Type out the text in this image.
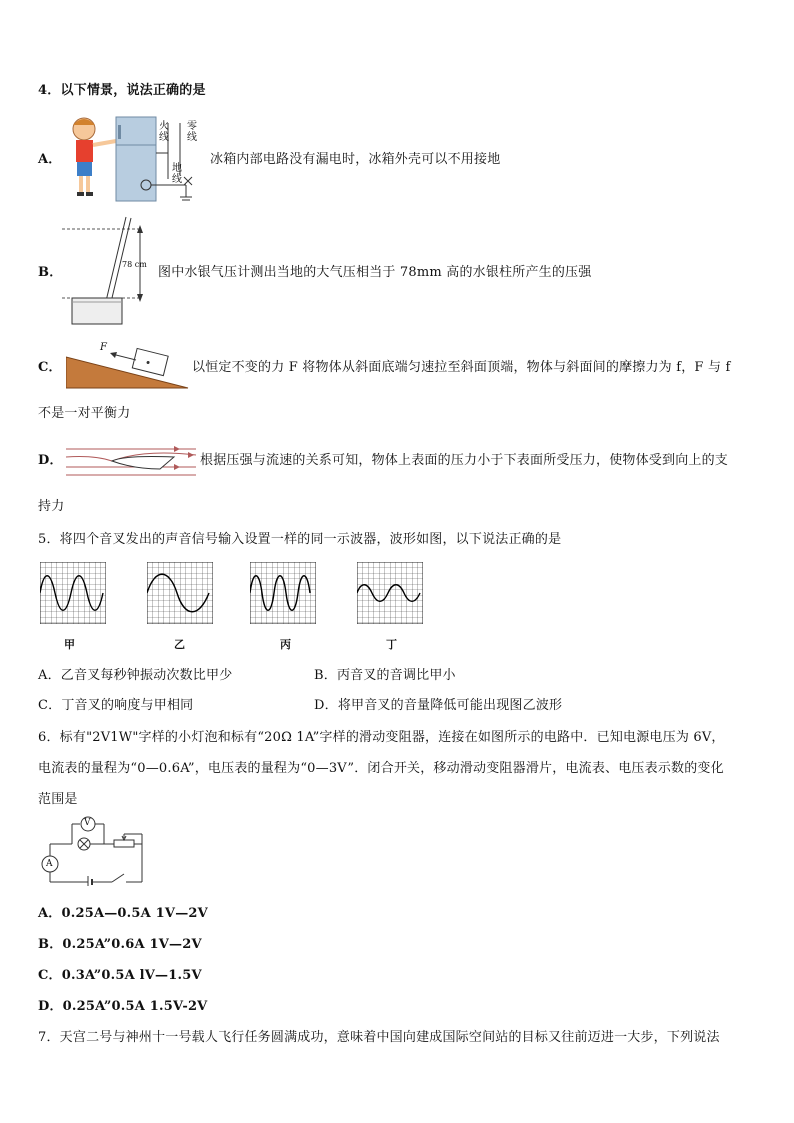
4．以下情景，说法正确的是
A．
火线
零线
地线
冰箱内部电路没有漏电时，冰箱外壳可以不用接地
B．
78 cm
图中水银气压计测出当地的大气压相当于 78mm 高的水银柱所产生的压强
C．
F
以恒定不变的力 F 将物体从斜面底端匀速拉至斜面顶端，物体与斜面间的摩擦力为 f，F 与 f
不是一对平衡力
D．	根据压强与流速的关系可知，物体上表面的压力小于下表面所受压力，使物体受到向上的支
持力
5．将四个音叉发出的声音信号输入设置一样的同一示波器，波形如图，以下说法正确的是
甲	乙	丙	丁
A．乙音叉每秒钟振动次数比甲少	B．丙音叉的音调比甲小
C．丁音叉的响度与甲相同	D．将甲音叉的音量降低可能出现图乙波形
6．标有"2V1W"字样的小灯泡和标有“20Ω 1A”字样的滑动变阻器，连接在如图所示的电路中．已知电源电压为 6V，
电流表的量程为“0—0.6A”，电压表的量程为“0—3V”．闭合开关，移动滑动变阻器滑片，电流表、电压表示数的变化
范围是
V
A
A．0.25A—0.5A 1V—2V
B．0.25A”0.6A 1V—2V
C．0.3A”0.5A lV—1.5V
D．0.25A”0.5A 1.5V-2V
7．天宫二号与神州十一号载人飞行任务圆满成功，意味着中国向建成国际空间站的目标又往前迈进一大步，下列说法
